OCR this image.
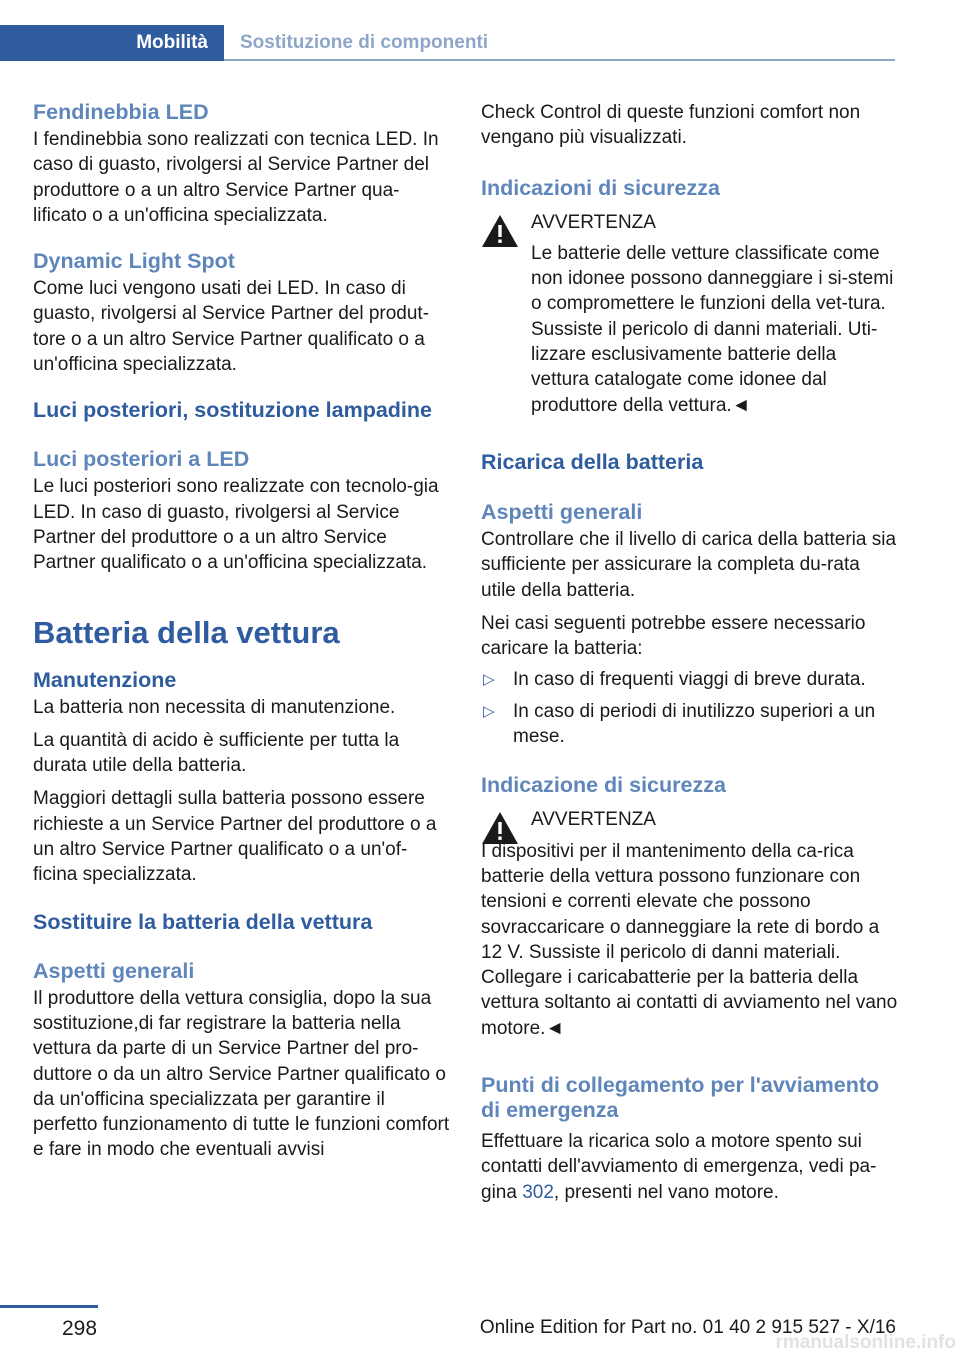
Mobilità	Sostituzione di componenti
Fendinebbia LED

I fendinebbia sono realizzati con tecnica LED. In caso di guasto, rivolgersi al Service Partner del produttore o a un altro Service Partner qua-lificato o a un'officina specializzata.

Dynamic Light Spot

Come luci vengono usati dei LED. In caso di guasto, rivolgersi al Service Partner del produt-tore o a un altro Service Partner qualificato o a un'officina specializzata.

Luci posteriori, sostituzione lampadine
Luci posteriori a LED

Le luci posteriori sono realizzate con tecnolo-gia LED. In caso di guasto, rivolgersi al Service Partner del produttore o a un altro Service Partner qualificato o a un'officina specializzata.

Batteria della vettura
Manutenzione

La batteria non necessita di manutenzione.

La quantità di acido è sufficiente per tutta la durata utile della batteria.

Maggiori dettagli sulla batteria possono essere richieste a un Service Partner del produttore o a un altro Service Partner qualificato o a un'of-ficina specializzata.

Sostituire la batteria della vettura
Aspetti generali

Il produttore della vettura consiglia, dopo la sua sostituzione,di far registrare la batteria nella vettura da parte di un Service Partner del pro-duttore o da un altro Service Partner qualificato o da un'officina specializzata per garantire il perfetto funzionamento di tutte le funzioni comfort e fare in modo che eventuali avvisi

Check Control di queste funzioni comfort non vengano più visualizzati.

Indicazioni di sicurezza
AVVERTENZA

Le batterie delle vetture classificate come non idonee possono danneggiare i si-stemi o compromettere le funzioni della vet-tura. Sussiste il pericolo di danni materiali. Uti-lizzare esclusivamente batterie della vettura catalogate come idonee dal produttore della vettura.◄

Ricarica della batteria
Aspetti generali

Controllare che il livello di carica della batteria sia sufficiente per assicurare la completa du-rata utile della batteria.

Nei casi seguenti potrebbe essere necessario caricare la batteria:

▷ In caso di frequenti viaggi di breve durata.
▷ In caso di periodi di inutilizzo superiori a un mese.
Indicazione di sicurezza
AVVERTENZA

I dispositivi per il mantenimento della ca-rica batterie della vettura possono funzionare con tensioni e correnti elevate che possono sovraccaricare o danneggiare la rete di bordo a 12 V. Sussiste il pericolo di danni materiali. Collegare i caricabatterie per la batteria della vettura soltanto ai contatti di avviamento nel vano motore.◄

Punti di collegamento per l'avviamento di emergenza

Effettuare la ricarica solo a motore spento sui contatti dell'avviamento di emergenza, vedi pa-gina 302, presenti nel vano motore.

298	Online Edition for Part no. 01 40 2 915 527 - X/16
rmanualsonline.info
